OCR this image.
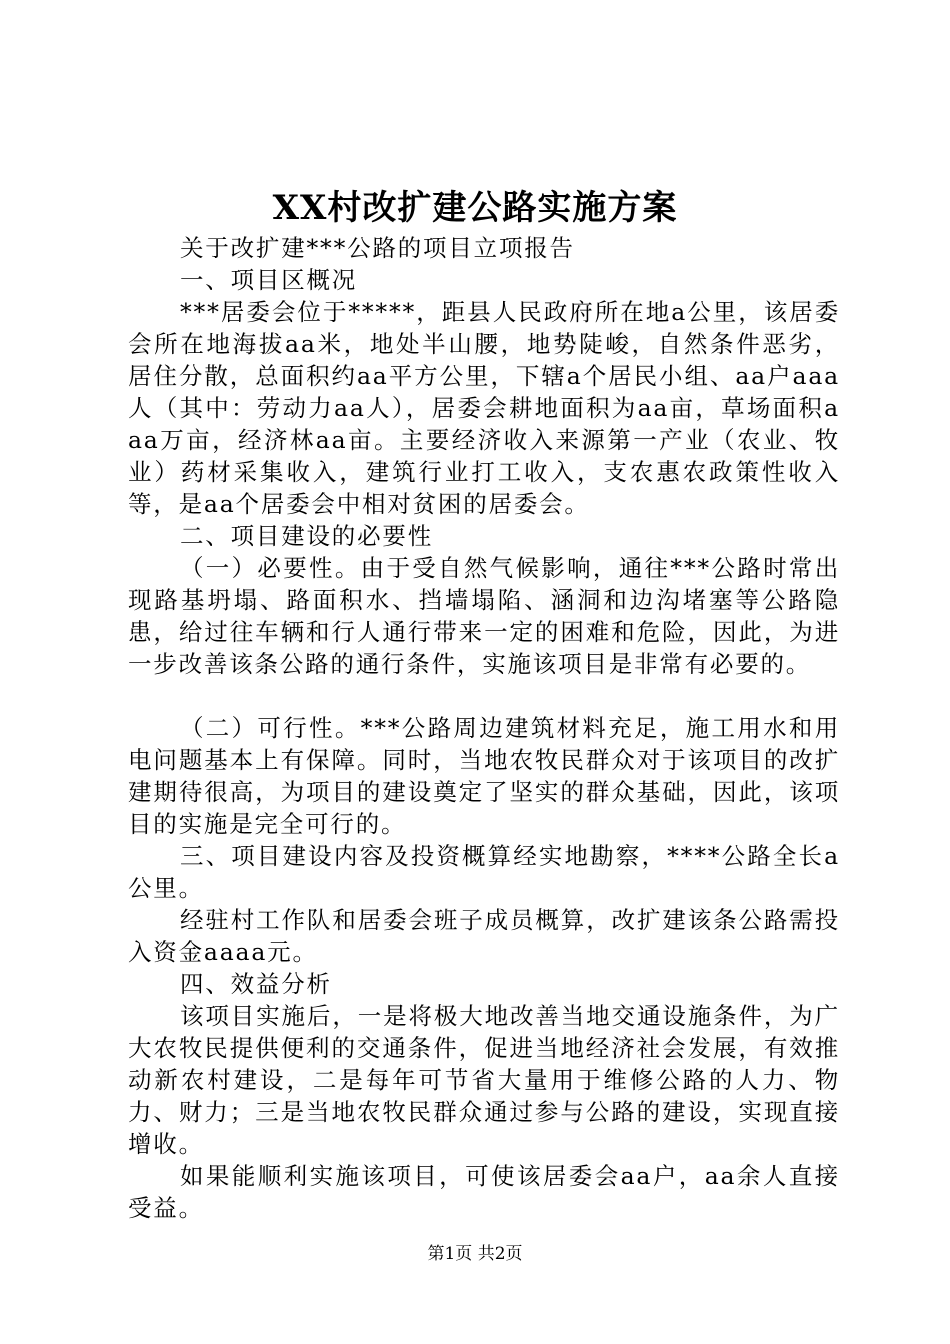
XX村改扩建公路实施方案

关于改扩建***公路的项目立项报告

一、项目区概况

***居委会位于*****，距县人民政府所在地a公里，该居委会所在地海拔aa米，地处半山腰，地势陡峻，自然条件恶劣，居住分散，总面积约aa平方公里，下辖a个居民小组、aa户aaa人（其中：劳动力aa人），居委会耕地面积为aa亩，草场面积aaa万亩，经济林aa亩。主要经济收入来源第一产业（农业、牧业）药材采集收入，建筑行业打工收入，支农惠农政策性收入等，是aa个居委会中相对贫困的居委会。

二、项目建设的必要性

（一）必要性。由于受自然气候影响，通往***公路时常出现路基坍塌、路面积水、挡墙塌陷、涵洞和边沟堵塞等公路隐患，给过往车辆和行人通行带来一定的困难和危险，因此，为进一步改善该条公路的通行条件，实施该项目是非常有必要的。

（二）可行性。***公路周边建筑材料充足，施工用水和用电问题基本上有保障。同时，当地农牧民群众对于该项目的改扩建期待很高，为项目的建设奠定了坚实的群众基础，因此，该项目的实施是完全可行的。

三、项目建设内容及投资概算经实地勘察，****公路全长a公里。

经驻村工作队和居委会班子成员概算，改扩建该条公路需投入资金aaaa元。

四、效益分析

该项目实施后，一是将极大地改善当地交通设施条件，为广大农牧民提供便利的交通条件，促进当地经济社会发展，有效推动新农村建设，二是每年可节省大量用于维修公路的人力、物力、财力；三是当地农牧民群众通过参与公路的建设，实现直接增收。

如果能顺利实施该项目，可使该居委会aa户，aa余人直接受益。

第1页 共2页
